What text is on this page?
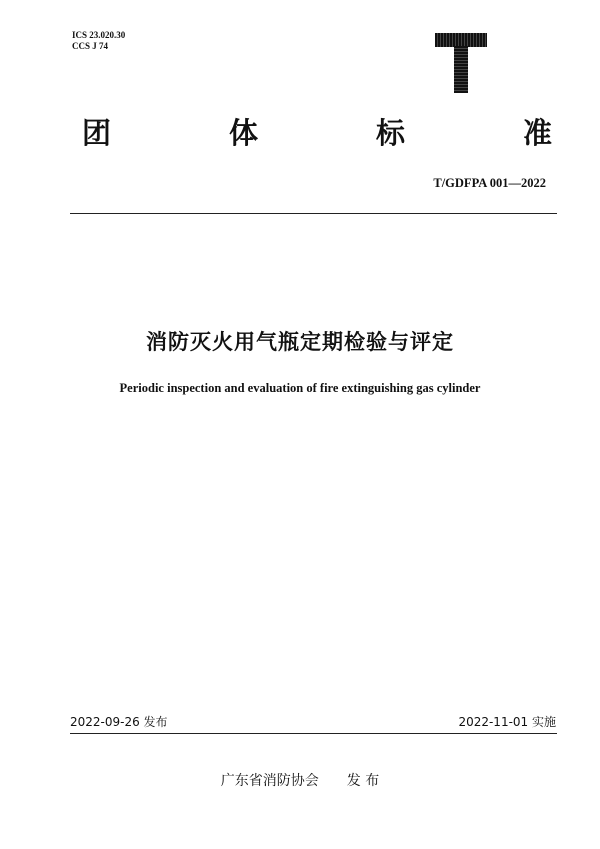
ICS 23.020.30
CCS J 74
团	体	标	准
T/GDFPA 001—2022
消防灭火用气瓶定期检验与评定
Periodic inspection and evaluation of fire extinguishing gas cylinder
2022-09-26 发布	2022-11-01 实施
广东省消防协会 发 布
